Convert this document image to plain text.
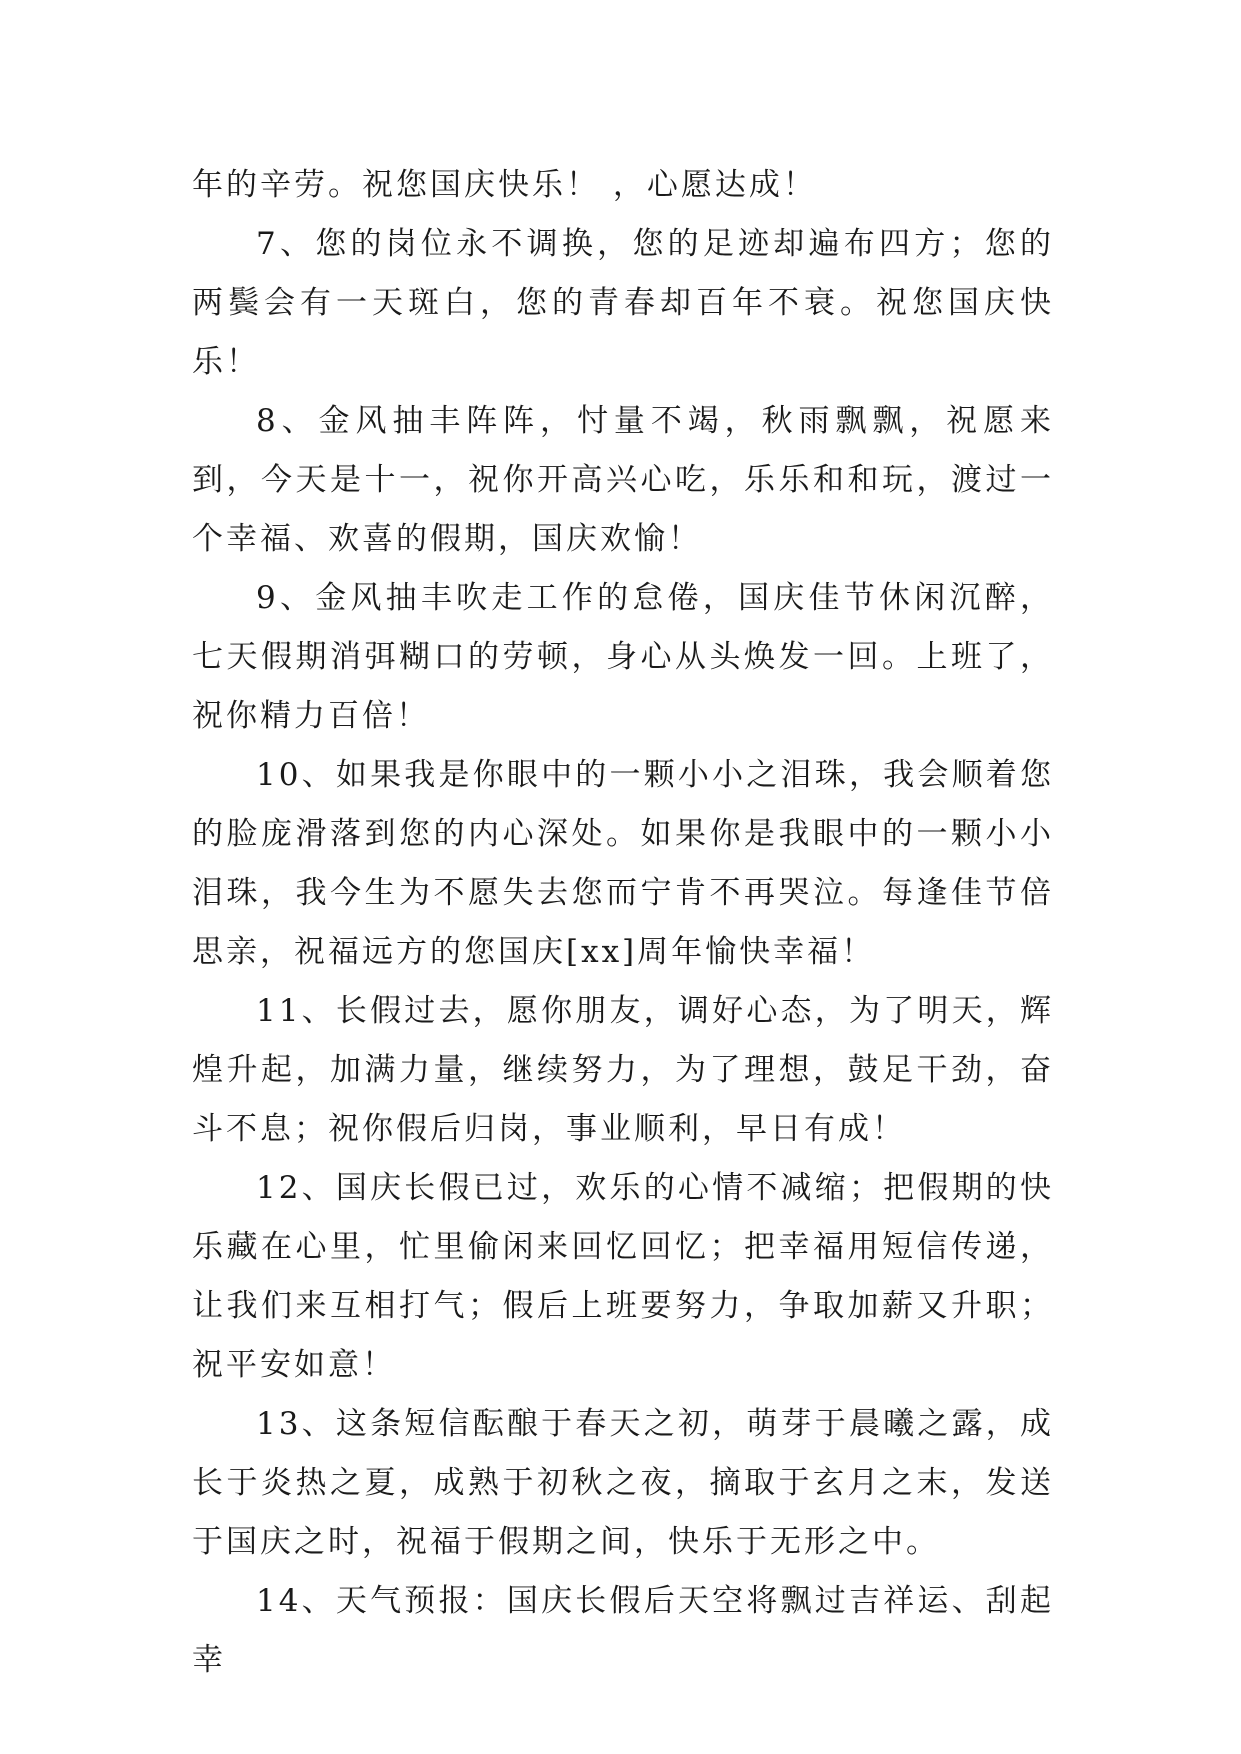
年的辛劳。祝您国庆快乐！ ，心愿达成！

7、您的岗位永不调换，您的足迹却遍布四方；您的两鬓会有一天斑白，您的青春却百年不衰。祝您国庆快乐！

8、金风抽丰阵阵，忖量不竭，秋雨飘飘，祝愿来到，今天是十一，祝你开高兴心吃，乐乐和和玩，渡过一个幸福、欢喜的假期，国庆欢愉！

9、金风抽丰吹走工作的怠倦，国庆佳节休闲沉醉，七天假期消弭糊口的劳顿，身心从头焕发一回。上班了，祝你精力百倍！

10、如果我是你眼中的一颗小小之泪珠，我会顺着您的脸庞滑落到您的内心深处。如果你是我眼中的一颗小小泪珠，我今生为不愿失去您而宁肯不再哭泣。每逢佳节倍思亲，祝福远方的您国庆[xx]周年愉快幸福！

11、长假过去，愿你朋友，调好心态，为了明天，辉煌升起，加满力量，继续努力，为了理想，鼓足干劲，奋斗不息；祝你假后归岗，事业顺利，早日有成！

12、国庆长假已过，欢乐的心情不减缩；把假期的快乐藏在心里，忙里偷闲来回忆回忆；把幸福用短信传递，让我们来互相打气；假后上班要努力，争取加薪又升职；祝平安如意！

13、这条短信酝酿于春天之初，萌芽于晨曦之露，成长于炎热之夏，成熟于初秋之夜，摘取于玄月之末，发送于国庆之时，祝福于假期之间，快乐于无形之中。

14、天气预报：国庆长假后天空将飘过吉祥运、刮起幸
